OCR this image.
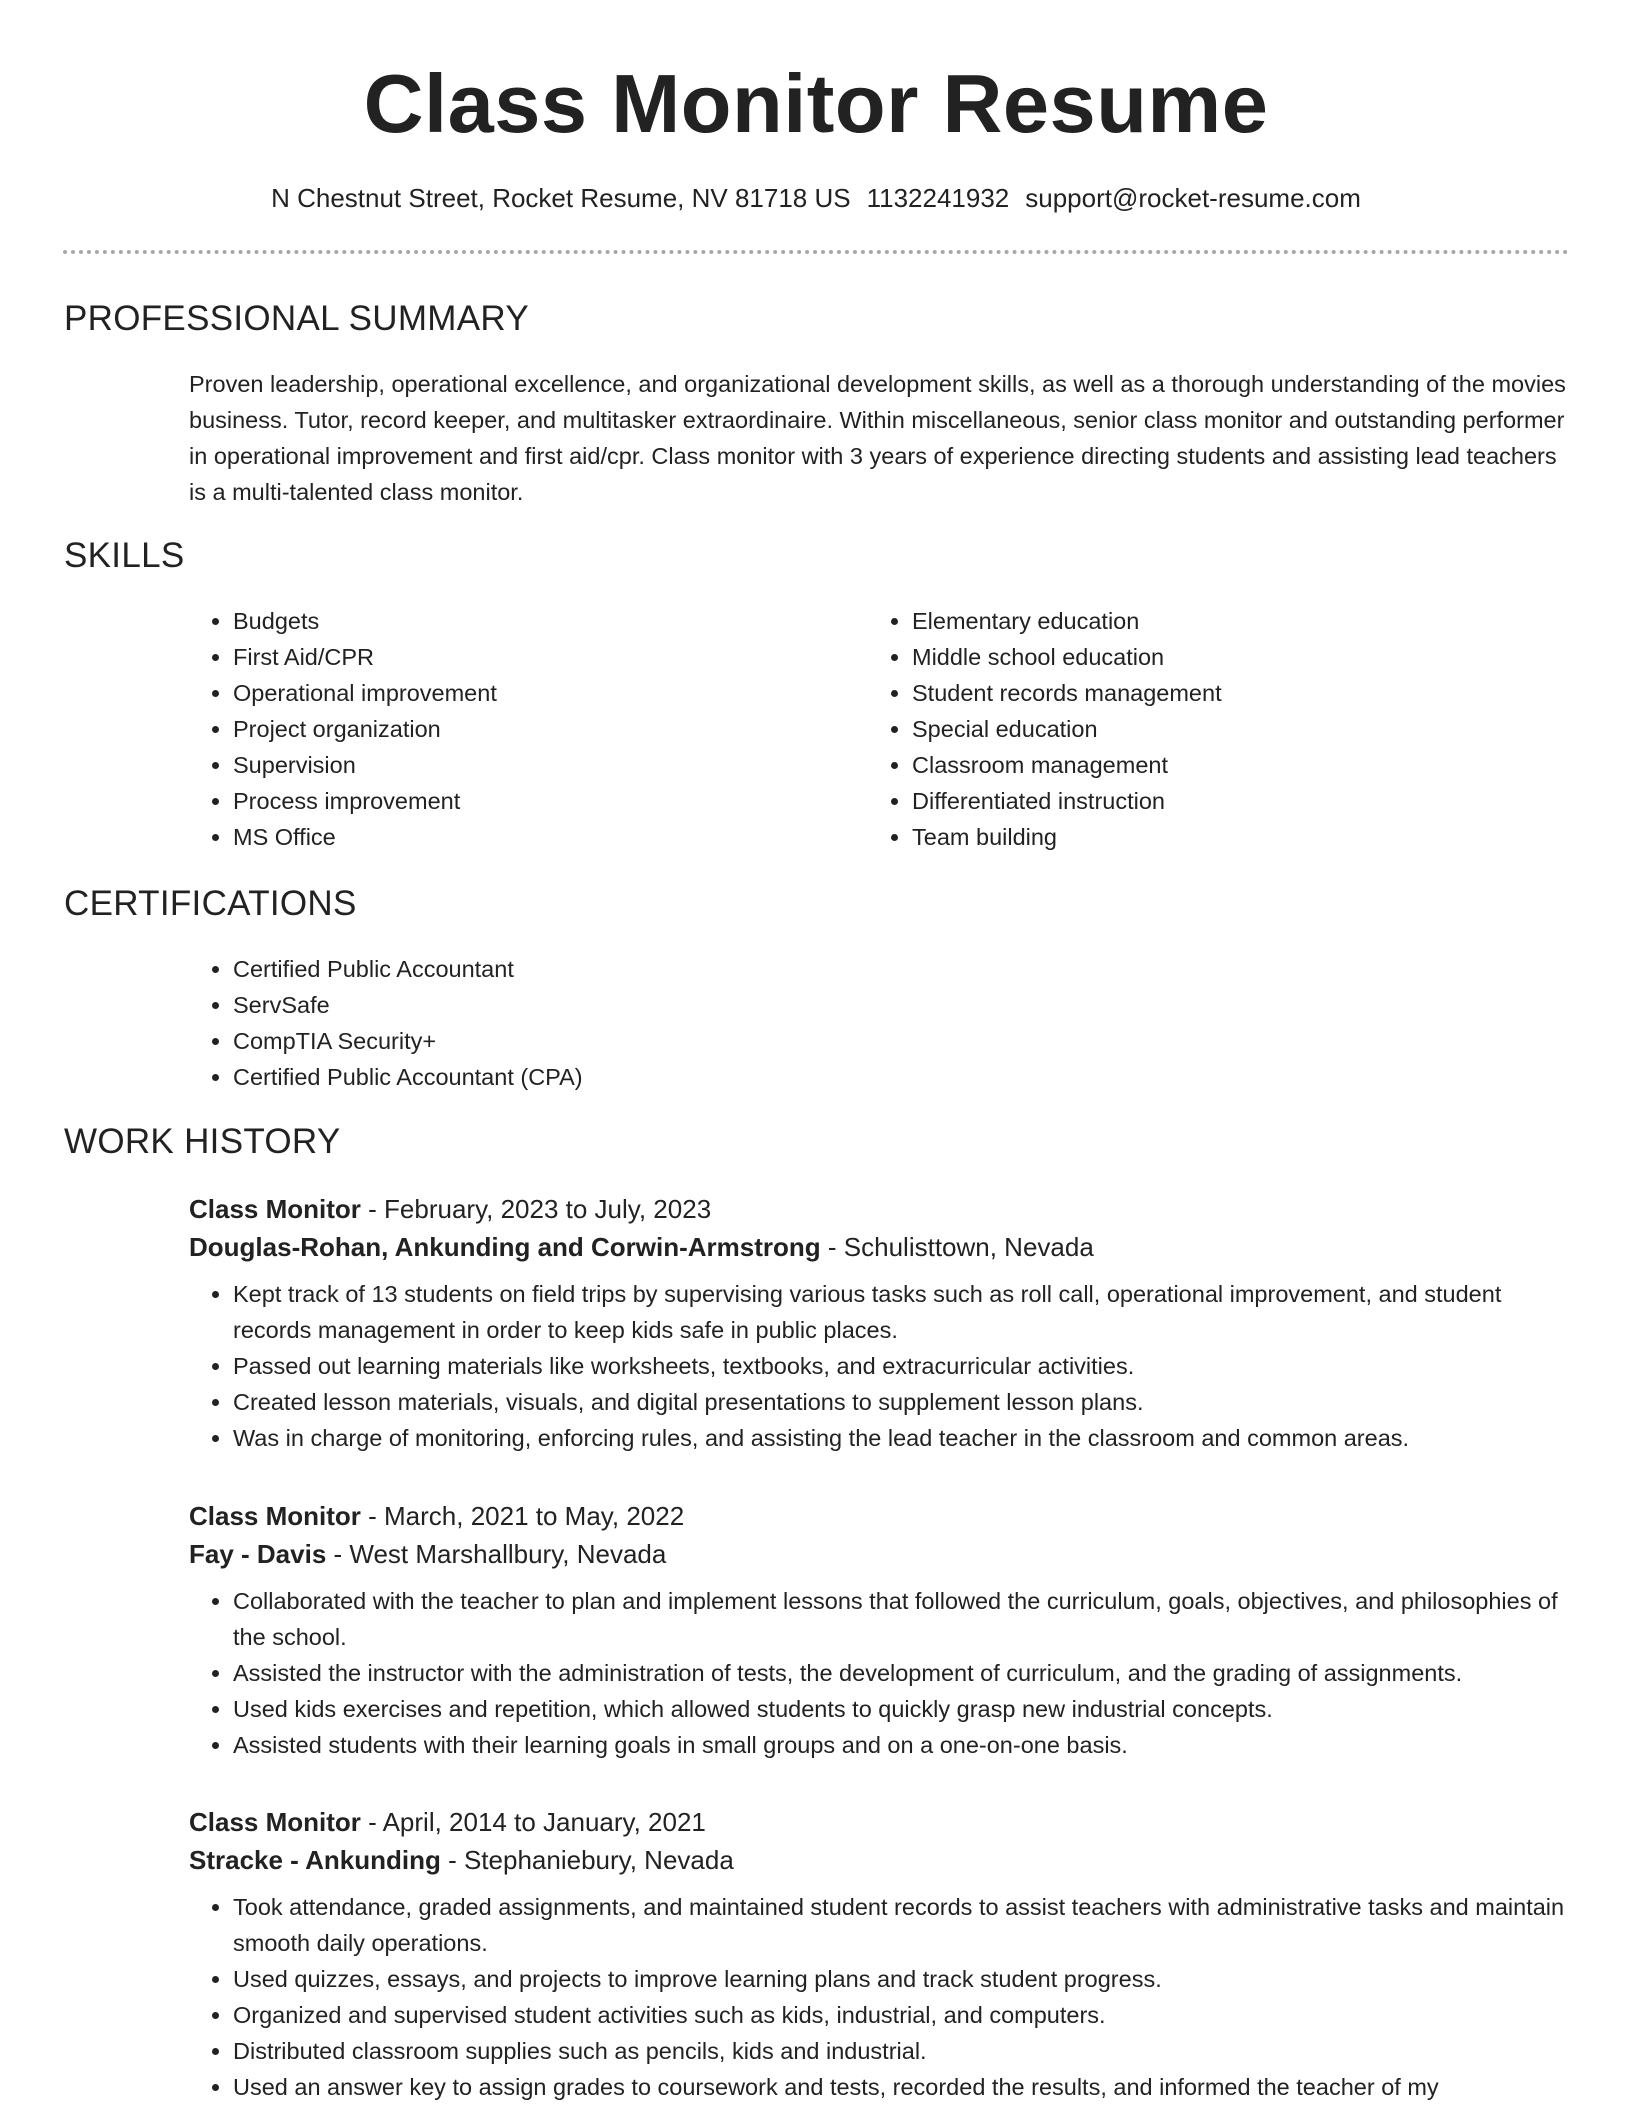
Class Monitor Resume
N Chestnut Street, Rocket Resume, NV 81718 US 1132241932 support@rocket-resume.com
PROFESSIONAL SUMMARY

Proven leadership, operational excellence, and organizational development skills, as well as a thorough understanding of the movies business. Tutor, record keeper, and multitasker extraordinaire. Within miscellaneous, senior class monitor and outstanding performer in operational improvement and first aid/cpr. Class monitor with 3 years of experience directing students and assisting lead teachers is a multi-talented class monitor.

SKILLS
• Budgets
• First Aid/CPR
• Operational improvement
• Project organization
• Supervision
• Process improvement
• MS Office
• Elementary education
• Middle school education
• Student records management
• Special education
• Classroom management
• Differentiated instruction
• Team building
CERTIFICATIONS
• Certified Public Accountant
• ServSafe
• CompTIA Security+
• Certified Public Accountant (CPA)
WORK HISTORY
Class Monitor - February, 2023 to July, 2023
Douglas-Rohan, Ankunding and Corwin-Armstrong - Schulisttown, Nevada
• Kept track of 13 students on field trips by supervising various tasks such as roll call, operational improvement, and student records management in order to keep kids safe in public places.
• Passed out learning materials like worksheets, textbooks, and extracurricular activities.
• Created lesson materials, visuals, and digital presentations to supplement lesson plans.
• Was in charge of monitoring, enforcing rules, and assisting the lead teacher in the classroom and common areas.
Class Monitor - March, 2021 to May, 2022
Fay - Davis - West Marshallbury, Nevada
• Collaborated with the teacher to plan and implement lessons that followed the curriculum, goals, objectives, and philosophies of the school.
• Assisted the instructor with the administration of tests, the development of curriculum, and the grading of assignments.
• Used kids exercises and repetition, which allowed students to quickly grasp new industrial concepts.
• Assisted students with their learning goals in small groups and on a one-on-one basis.
Class Monitor - April, 2014 to January, 2021
Stracke - Ankunding - Stephaniebury, Nevada
• Took attendance, graded assignments, and maintained student records to assist teachers with administrative tasks and maintain smooth daily operations.
• Used quizzes, essays, and projects to improve learning plans and track student progress.
• Organized and supervised student activities such as kids, industrial, and computers.
• Distributed classroom supplies such as pencils, kids and industrial.
• Used an answer key to assign grades to coursework and tests, recorded the results, and informed the teacher of my
